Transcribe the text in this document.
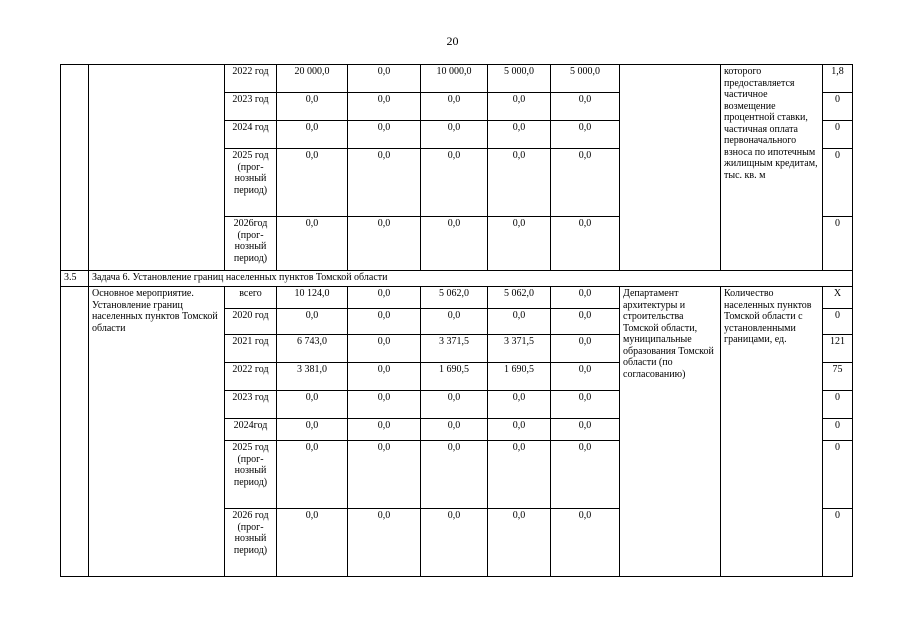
20
		2022 год	20 000,0	0,0	10 000,0	5 000,0	5 000,0		которого предоставляется частичное возмещение процентной ставки, частичная оплата первоначального взноса по ипотечным жилищным кредитам, тыс. кв. м	1,8
		2023 год	0,0	0,0	0,0	0,0	0,0			0
		2024 год	0,0	0,0	0,0	0,0	0,0			0
		2025 год (прог-нозный период)	0,0	0,0	0,0	0,0	0,0			0
		2026год (прог-нозный период)	0,0	0,0	0,0	0,0	0,0			0
3.5	Задача 6. Установление границ населенных пунктов Томской области									
	Основное мероприятие. Установление границ населенных пунктов Томской области	всего	10 124,0	0,0	5 062,0	5 062,0	0,0	Департамент архитектуры и строительства Томской области, муниципальные образования Томской области (по согласованию)	Количество населенных пунктов Томской области с установленными границами, ед.	X
		2020 год	0,0	0,0	0,0	0,0	0,0			0
		2021 год	6 743,0	0,0	3 371,5	3 371,5	0,0			121
		2022 год	3 381,0	0,0	1 690,5	1 690,5	0,0			75
		2023 год	0,0	0,0	0,0	0,0	0,0			0
		2024год	0,0	0,0	0,0	0,0	0,0			0
		2025 год (прог-нозный период)	0,0	0,0	0,0	0,0	0,0			0
		2026 год (прог-нозный период)	0,0	0,0	0,0	0,0	0,0			0
